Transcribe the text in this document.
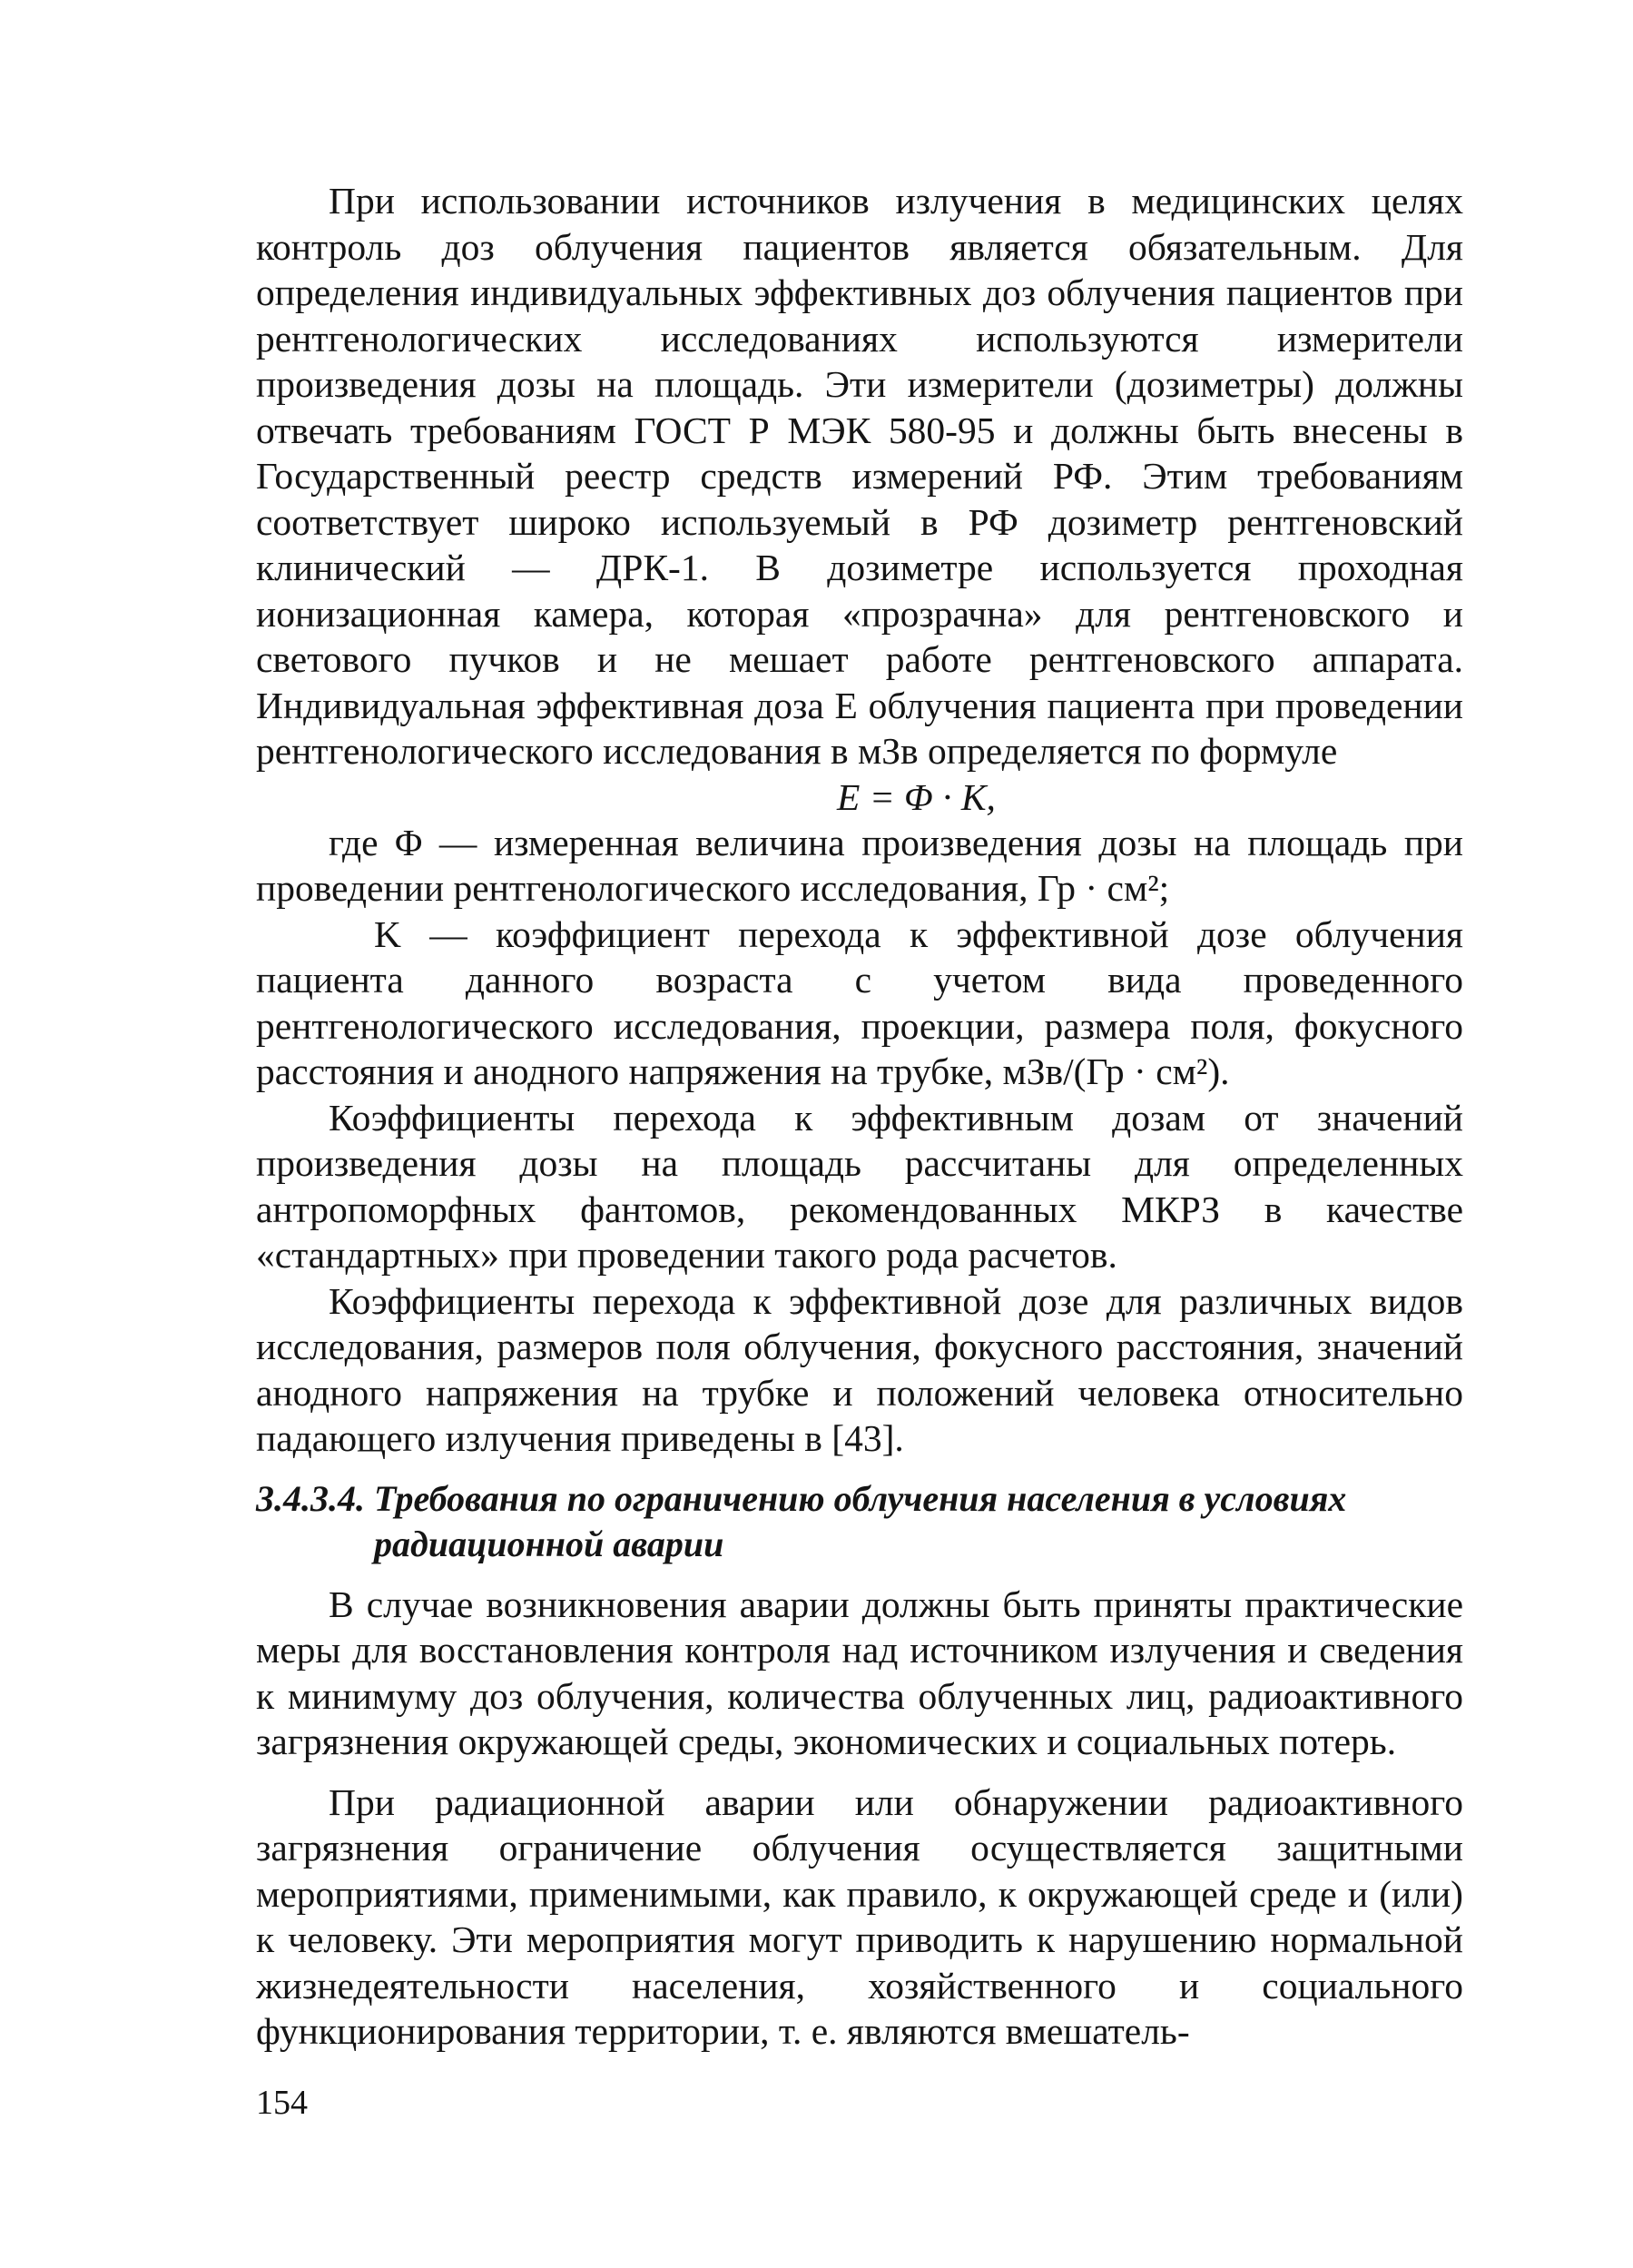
При использовании источников излучения в медицинских целях контроль доз облучения пациентов является обязательным. Для определения индивидуальных эффективных доз облучения пациентов при рентгенологических исследованиях используются измерители произведения дозы на площадь. Эти измерители (дозиметры) должны отвечать требованиям ГОСТ Р МЭК 580-95 и должны быть внесены в Государственный реестр средств измерений РФ. Этим требованиям соответствует широко используемый в РФ дозиметр рентгеновский клинический — ДРК-1. В дозиметре используется проходная ионизационная камера, которая «прозрачна» для рентгеновского и светового пучков и не мешает работе рентгеновского аппарата. Индивидуальная эффективная доза E облучения пациента при проведении рентгенологического исследования в мЗв определяется по формуле

E = Φ · K,

где Φ — измеренная величина произведения дозы на площадь при проведении рентгенологического исследования, Гр · см²;

K — коэффициент перехода к эффективной дозе облучения пациента данного возраста с учетом вида проведенного рентгенологического исследования, проекции, размера поля, фокусного расстояния и анодного напряжения на трубке, мЗв/(Гр · см²).

Коэффициенты перехода к эффективным дозам от значений произведения дозы на площадь рассчитаны для определенных антропоморфных фантомов, рекомендованных МКРЗ в качестве «стандартных» при проведении такого рода расчетов.

Коэффициенты перехода к эффективной дозе для различных видов исследования, размеров поля облучения, фокусного расстояния, значений анодного напряжения на трубке и положений человека относительно падающего излучения приведены в [43].

3.4.3.4. Требования по ограничению облучения населения в условиях радиационной аварии

В случае возникновения аварии должны быть приняты практические меры для восстановления контроля над источником излучения и сведения к минимуму доз облучения, количества облученных лиц, радиоактивного загрязнения окружающей среды, экономических и социальных потерь.

При радиационной аварии или обнаружении радиоактивного загрязнения ограничение облучения осуществляется защитными мероприятиями, применимыми, как правило, к окружающей среде и (или) к человеку. Эти мероприятия могут приводить к нарушению нормальной жизнедеятельности населения, хозяйственного и социального функционирования территории, т. е. являются вмешатель-

154
